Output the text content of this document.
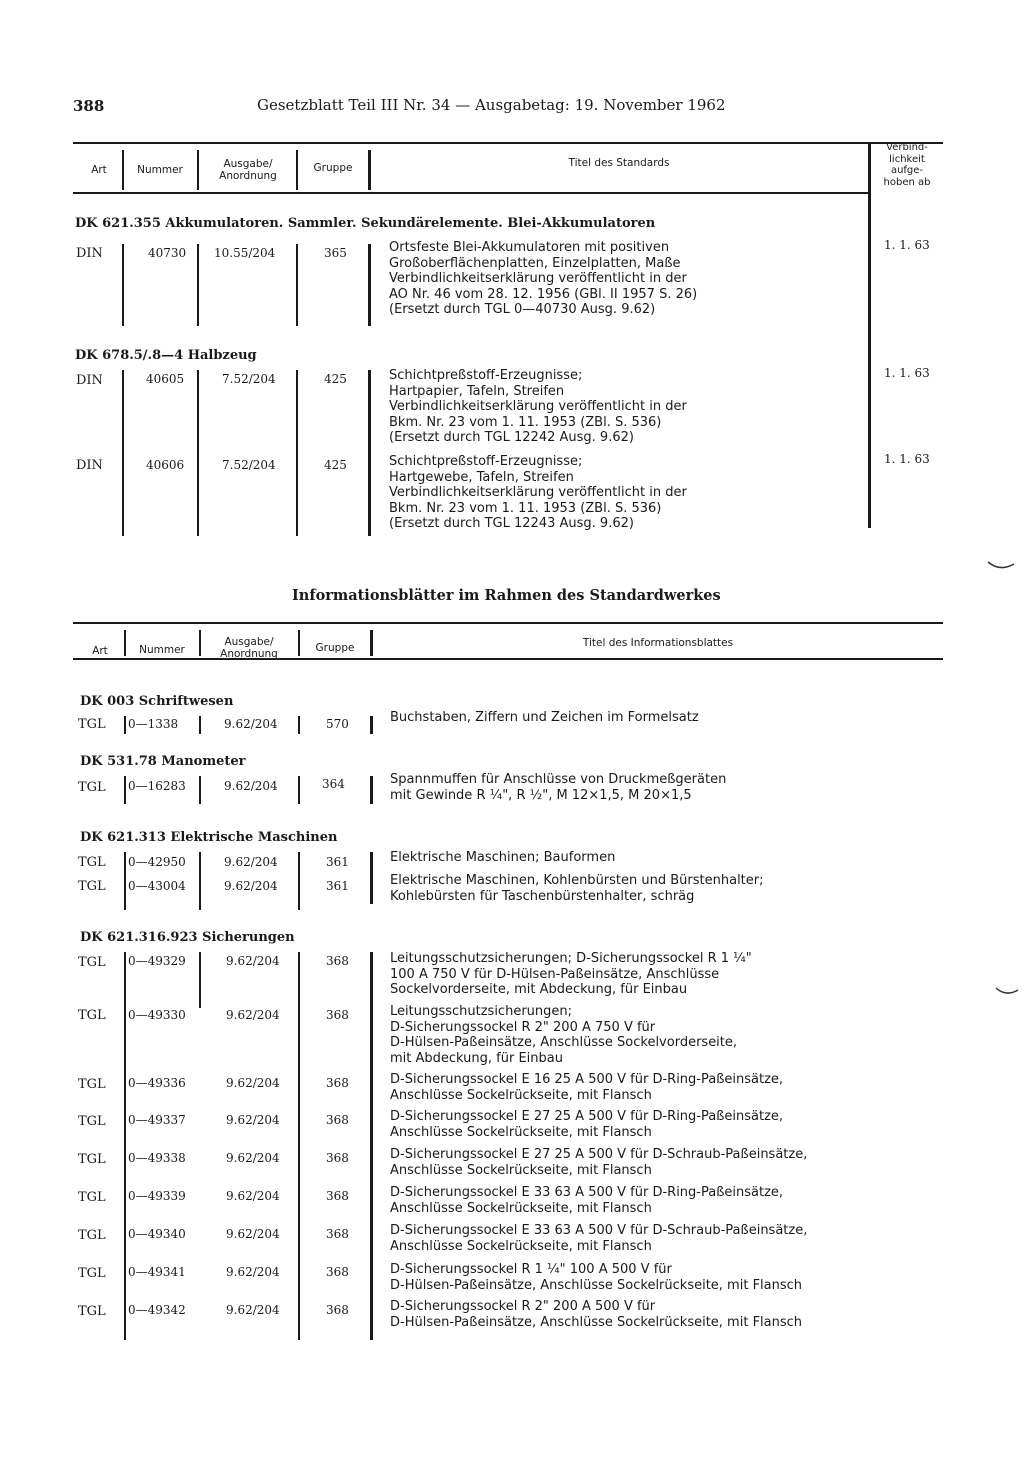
388	Gesetzblatt Teil III Nr. 34 — Ausgabetag: 19. November 1962
Art	Nummer	Ausgabe/
Anordnung
Gruppe	Titel des Standards
Verbind-
lichkeit
aufge-
hoben ab
DK 621.355 Akkumulatoren. Sammler. Sekundärelemente. Blei-Akkumulatoren
DIN	40730 10.55/204	365	Ortsfeste Blei-Akkumulatoren mit positiven
Großoberflächenplatten, Einzelplatten, Maße
Verbindlichkeitserklärung veröffentlicht in der
AO Nr. 46 vom 28. 12. 1956 (GBl. II 1957 S. 26)
(Ersetzt durch TGL 0—40730 Ausg. 9.62)
1. 1. 63
DK 678.5/.8—4 Halbzeug
DIN	40605	7.52/204	425	Schichtpreßstoff-Erzeugnisse;
Hartpapier, Tafeln, Streifen
Verbindlichkeitserklärung veröffentlicht in der
Bkm. Nr. 23 vom 1. 11. 1953 (ZBl. S. 536)
(Ersetzt durch TGL 12242 Ausg. 9.62)
1. 1. 63
DIN	40606	7.52/204	425	Schichtpreßstoff-Erzeugnisse;
Hartgewebe, Tafeln, Streifen
Verbindlichkeitserklärung veröffentlicht in der
Bkm. Nr. 23 vom 1. 11. 1953 (ZBl. S. 536)
(Ersetzt durch TGL 12243 Ausg. 9.62)
1. 1. 63
Informationsblätter im Rahmen des Standardwerkes
Art	Nummer
Ausgabe/
Anordnung	Gruppe	Titel des Informationsblattes
DK 003 Schriftwesen
TGL 0—1338	9.62/204	570	Buchstaben, Ziffern und Zeichen im Formelsatz
DK 531.78 Manometer
TGL 0—16283	9.62/204	364	Spannmuffen für Anschlüsse von Druckmeßgeräten
mit Gewinde R ¼", R ½", M 12×1,5, M 20×1,5
DK 621.313 Elektrische Maschinen
TGL 0—42950	9.62/204	361	Elektrische Maschinen; Bauformen
TGL 0—43004	9.62/204	361	Elektrische Maschinen, Kohlenbürsten und Bürstenhalter;
Kohlebürsten für Taschenbürstenhalter, schräg
DK 621.316.923 Sicherungen
TGL 0—49329	9.62/204	368	Leitungsschutzsicherungen; D-Sicherungssockel R 1 ¼"
100 A 750 V für D-Hülsen-Paßeinsätze, Anschlüsse
Sockelvorderseite, mit Abdeckung, für Einbau
TGL 0—49330	9.62/204	368	Leitungsschutzsicherungen;
D-Sicherungssockel R 2" 200 A 750 V für
D-Hülsen-Paßeinsätze, Anschlüsse Sockelvorderseite,
mit Abdeckung, für Einbau
TGL 0—49336	9.62/204	368	D-Sicherungssockel E 16 25 A 500 V für D-Ring-Paßeinsätze,
Anschlüsse Sockelrückseite, mit Flansch
TGL 0—49337	9.62/204	368	D-Sicherungssockel E 27 25 A 500 V für D-Ring-Paßeinsätze,
Anschlüsse Sockelrückseite, mit Flansch
TGL 0—49338	9.62/204	368	D-Sicherungssockel E 27 25 A 500 V für D-Schraub-Paßeinsätze,
Anschlüsse Sockelrückseite, mit Flansch
TGL 0—49339	9.62/204	368	D-Sicherungssockel E 33 63 A 500 V für D-Ring-Paßeinsätze,
Anschlüsse Sockelrückseite, mit Flansch
TGL 0—49340	9.62/204	368	D-Sicherungssockel E 33 63 A 500 V für D-Schraub-Paßeinsätze,
Anschlüsse Sockelrückseite, mit Flansch
TGL 0—49341	9.62/204	368	D-Sicherungssockel R 1 ¼" 100 A 500 V für
D-Hülsen-Paßeinsätze, Anschlüsse Sockelrückseite, mit Flansch
TGL 0—49342	9.62/204	368	D-Sicherungssockel R 2" 200 A 500 V für
D-Hülsen-Paßeinsätze, Anschlüsse Sockelrückseite, mit Flansch
